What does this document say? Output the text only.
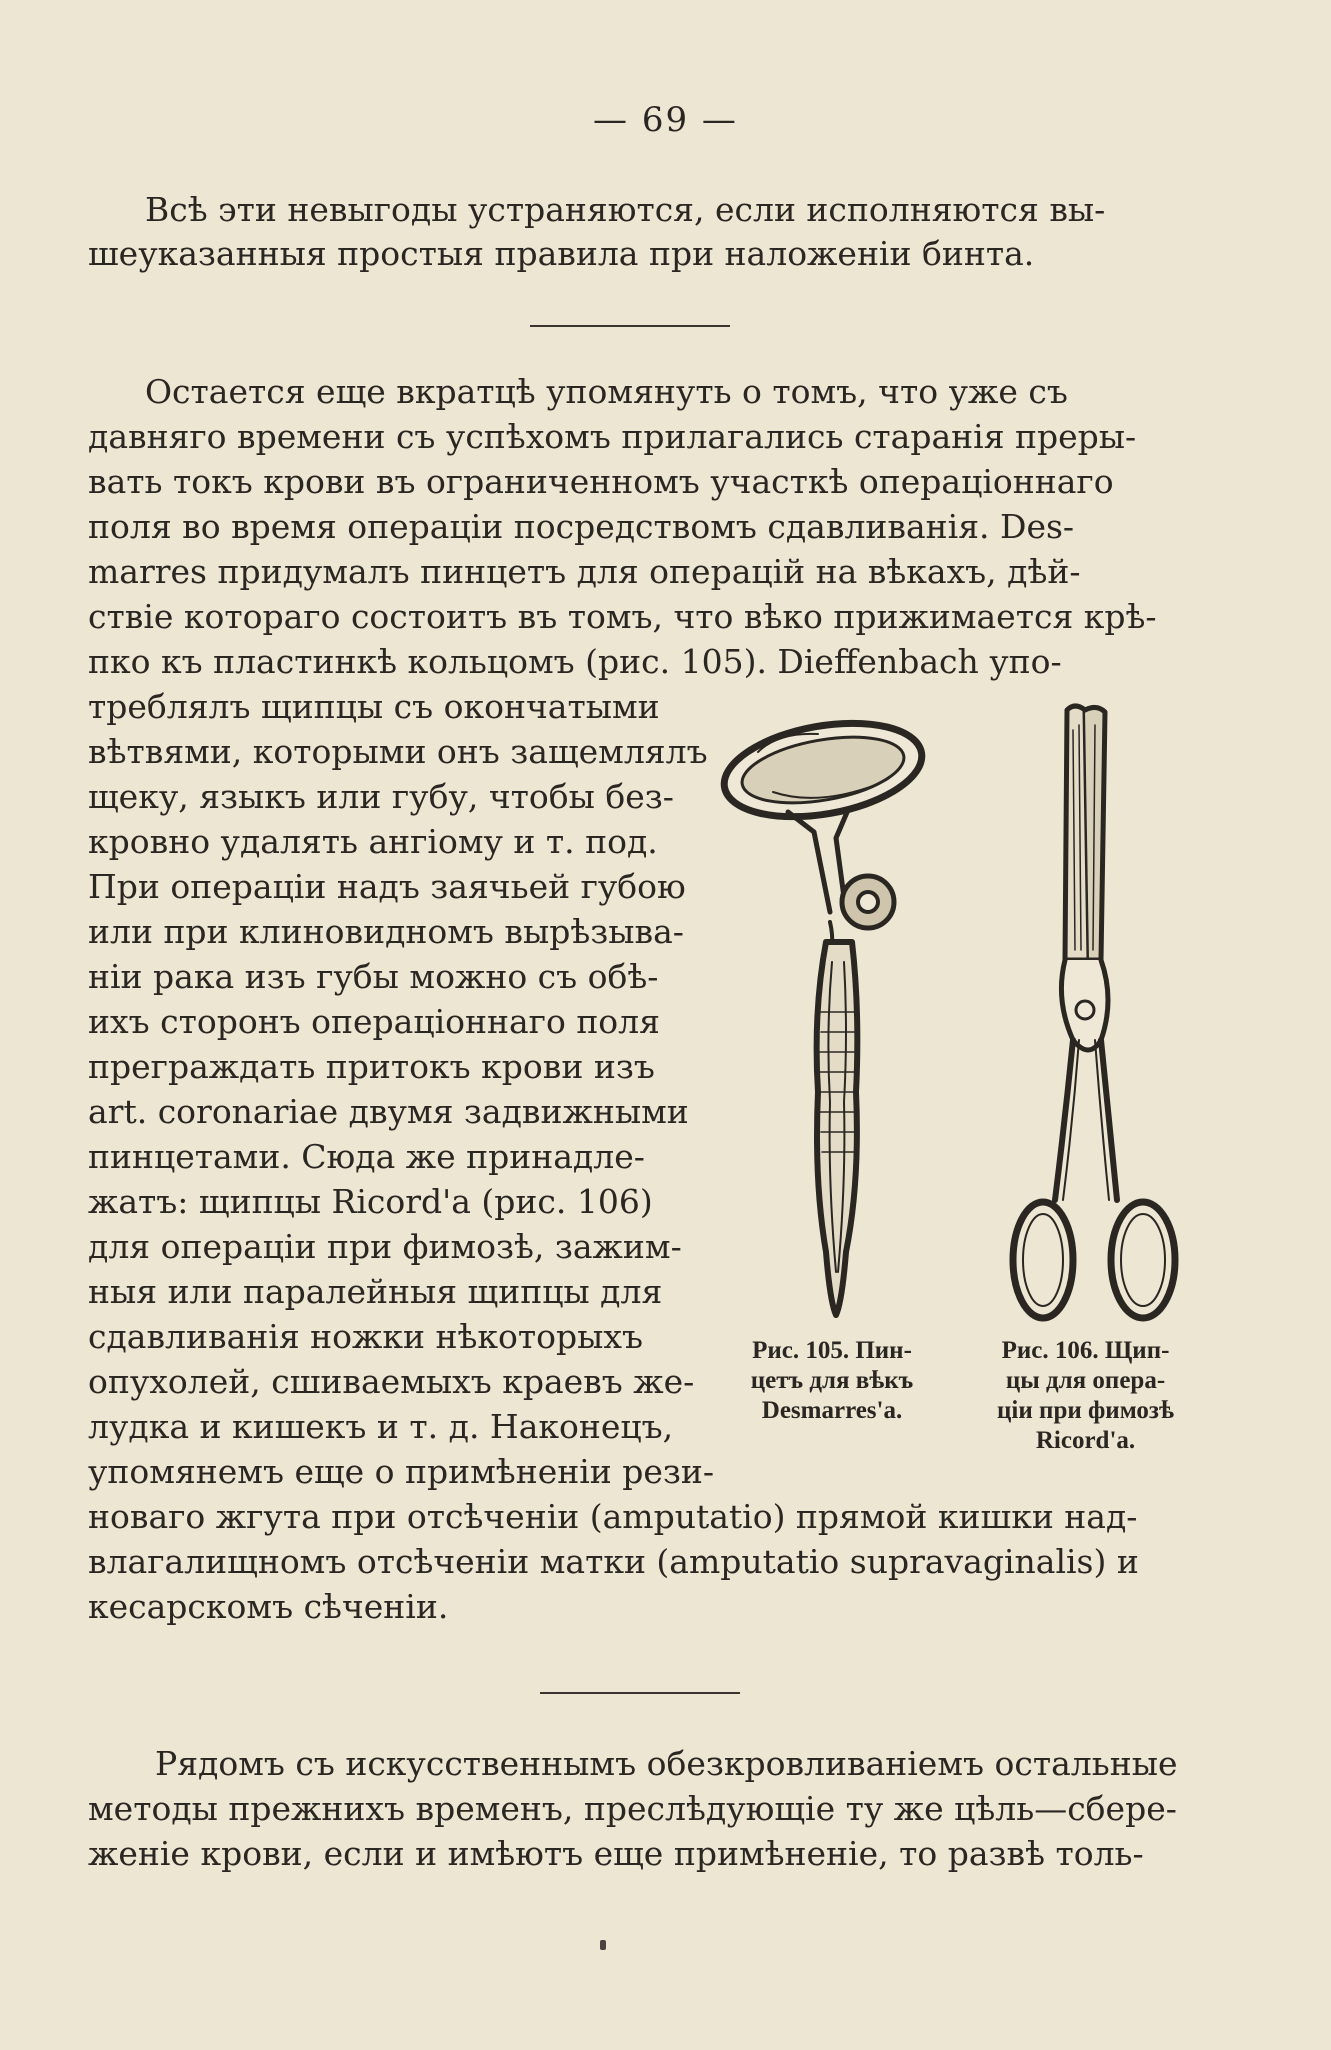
— 69 —
Всѣ эти невыгоды устраняются, если исполняются вы-
шеуказанныя простыя правила при наложеніи бинта.
Остается еще вкратцѣ упомянуть о томъ, что уже съ
давняго времени съ успѣхомъ прилагались старанія преры-
вать токъ крови въ ограниченномъ участкѣ операціоннаго
поля во время операціи посредствомъ сдавливанія. Des-
marres придумалъ пинцетъ для операцій на вѣкахъ, дѣй-
ствіе котораго состоитъ въ томъ, что вѣко прижимается крѣ-
пко къ пластинкѣ кольцомъ (рис. 105). Dieffenbach упо-
треблялъ щипцы съ окончатыми
вѣтвями, которыми онъ защемлялъ
щеку, языкъ или губу, чтобы без-
кровно удалять ангіому и т. под.
При операціи надъ заячьей губою
или при клиновидномъ вырѣзыва-
ніи рака изъ губы можно съ обѣ-
ихъ сторонъ операціоннаго поля
преграждать притокъ крови изъ
art. coronariae двумя задвижными
пинцетами. Сюда же принадле-
жатъ: щипцы Ricord'a (рис. 106)
для операціи при фимозѣ, зажим-
ныя или паралейныя щипцы для
сдавливанія ножки нѣкоторыхъ
опухолей, сшиваемыхъ краевъ же-
лудка и кишекъ и т. д. Наконецъ,
упомянемъ еще о примѣненіи рези-
новаго жгута при отсѣченіи (amputatio) прямой кишки над-
влагалищномъ отсѣченіи матки (amputatio supravaginalis) и
кесарскомъ сѣченіи.
Рядомъ съ искусственнымъ обезкровливаніемъ остальные
методы прежнихъ временъ, преслѣдующіе ту же цѣль—сбере-
женіе крови, если и имѣютъ еще примѣненіе, то развѣ толь-
Рис. 105. Пин-
цетъ для вѣкъ
Desmarres'a.
Рис. 106. Щип-
цы для опера-
ціи при фимозѣ
Ricord'a.
